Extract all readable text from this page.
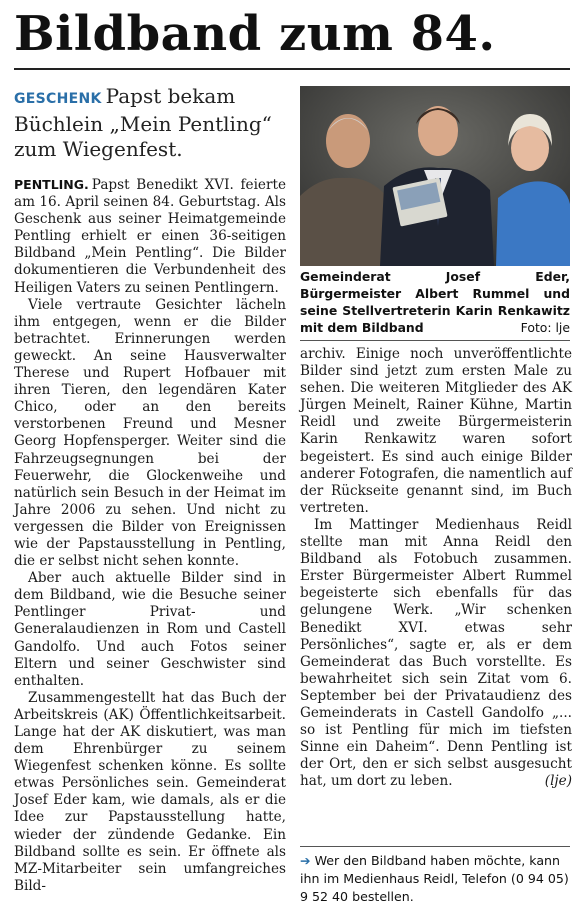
Bildband zum 84.
GESCHENK Papst bekam Büchlein „Mein Pentling“ zum Wiegenfest.

PENTLING. Papst Benedikt XVI. feierte am 16. April seinen 84. Geburtstag. Als Geschenk aus seiner Heimatgemeinde Pentling erhielt er einen 36-seitigen Bildband „Mein Pentling“. Die Bilder dokumentieren die Verbundenheit des Heiligen Vaters zu seinen Pentlingern.

Viele vertraute Gesichter lächeln ihm entgegen, wenn er die Bilder betrachtet. Erinnerungen werden geweckt. An seine Hausverwalter Therese und Rupert Hofbauer mit ihren Tieren, den legendären Kater Chico, oder an den bereits verstorbenen Freund und Mesner Georg Hopfensperger. Weiter sind die Fahrzeugsegnungen bei der Feuerwehr, die Glockenweihe und natürlich sein Besuch in der Heimat im Jahre 2006 zu sehen. Und nicht zu vergessen die Bilder von Ereignissen wie der Papstausstellung in Pentling, die er selbst nicht sehen konnte.

Aber auch aktuelle Bilder sind in dem Bildband, wie die Besuche seiner Pentlinger Privat- und Generalaudienzen in Rom und Castell Gandolfo. Und auch Fotos seiner Eltern und seiner Geschwister sind enthalten.

Zusammengestellt hat das Buch der Arbeitskreis (AK) Öffentlichkeitsarbeit. Lange hat der AK diskutiert, was man dem Ehrenbürger zu seinem Wiegenfest schenken könne. Es sollte etwas Persönliches sein. Gemeinderat Josef Eder kam, wie damals, als er die Idee zur Papstausstellung hatte, wieder der zündende Gedanke. Ein Bildband sollte es sein. Er öffnete als MZ-Mitarbeiter sein umfangreiches Bild-

Gemeinderat Josef Eder, Bürgermeister Albert Rummel und seine Stellvertreterin Karin Renkawitz mit dem Bildband	Foto: lje

archiv. Einige noch unveröffentlichte Bilder sind jetzt zum ersten Male zu sehen. Die weiteren Mitglieder des AK Jürgen Meinelt, Rainer Kühne, Martin Reidl und zweite Bürgermeisterin Karin Renkawitz waren sofort begeistert. Es sind auch einige Bilder anderer Fotografen, die namentlich auf der Rückseite genannt sind, im Buch vertreten.

Im Mattinger Medienhaus Reidl stellte man mit Anna Reidl den Bildband als Fotobuch zusammen. Erster Bürgermeister Albert Rummel begeisterte sich ebenfalls für das gelungene Werk. „Wir schenken Benedikt XVI. etwas sehr Persönliches“, sagte er, als er dem Gemeinderat das Buch vorstellte. Es bewahrheitet sich sein Zitat vom 6. September bei der Privataudienz des Gemeinderats in Castell Gandolfo „... so ist Pentling für mich im tiefsten Sinne ein Daheim“. Denn Pentling ist der Ort, den er sich selbst ausgesucht hat, um dort zu leben.	(lje)

➔ Wer den Bildband haben möchte, kann ihn im Medienhaus Reidl, Telefon (0 94 05) 9 52 40 bestellen.
